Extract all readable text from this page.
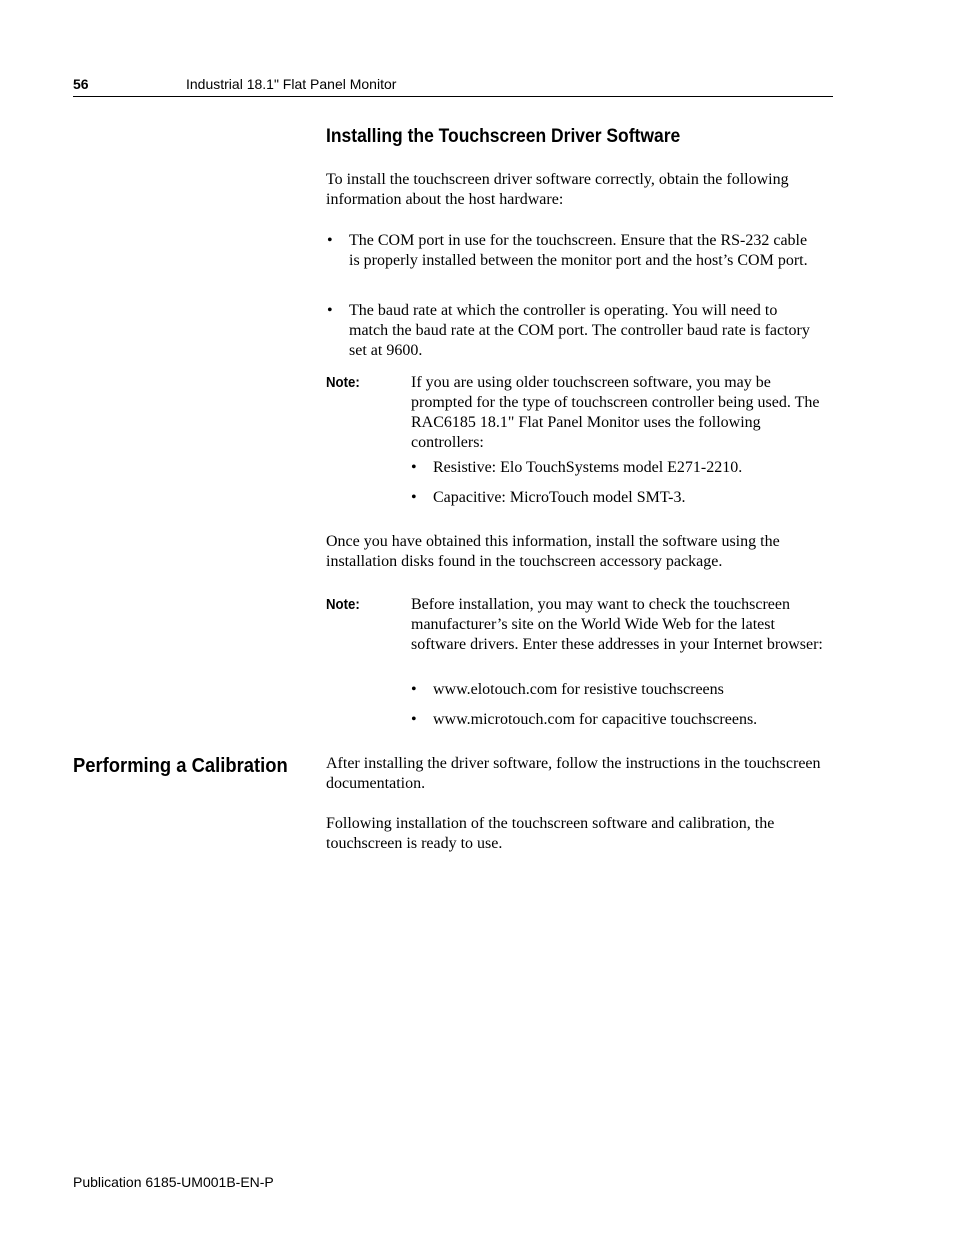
56	Industrial 18.1" Flat Panel Monitor
Installing the Touchscreen Driver Software

To install the touchscreen driver software correctly, obtain the following information about the host hardware:

• The COM port in use for the touchscreen. Ensure that the RS-232 cable is properly installed between the monitor port and the host’s COM port.
• The baud rate at which the controller is operating. You will need to match the baud rate at the COM port. The controller baud rate is factory set at 9600.
Note:	If you are using older touchscreen software, you may be prompted for the type of touchscreen controller being used. The RAC6185 18.1" Flat Panel Monitor uses the following controllers:

• Resistive: Elo TouchSystems model E271-2210.
• Capacitive: MicroTouch model SMT-3.

Once you have obtained this information, install the software using the installation disks found in the touchscreen accessory package.

Note:	Before installation, you may want to check the touchscreen manufacturer’s site on the World Wide Web for the latest software drivers. Enter these addresses in your Internet browser:

• www.elotouch.com for resistive touchscreens
• www.microtouch.com for capacitive touchscreens.
Performing a Calibration After installing the driver software, follow the instructions in the touchscreen documentation.

Following installation of the touchscreen software and calibration, the touchscreen is ready to use.

Publication 6185-UM001B-EN-P
